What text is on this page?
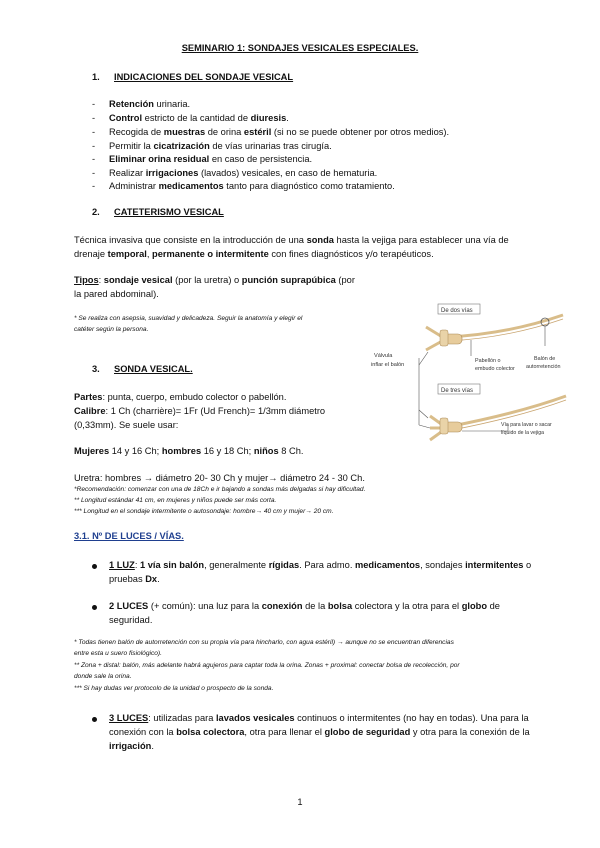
SEMINARIO 1: SONDAJES VESICALES ESPECIALES.
1. INDICACIONES DEL SONDAJE VESICAL
- Retención urinaria.
- Control estricto de la cantidad de diuresis.
- Recogida de muestras de orina estéril (si no se puede obtener por otros medios).
- Permitir la cicatrización de vías urinarias tras cirugía.
- Eliminar orina residual en caso de persistencia.
- Realizar irrigaciones (lavados) vesicales, en caso de hematuria.
- Administrar medicamentos tanto para diagnóstico como tratamiento.
2. CATETERISMO VESICAL
Técnica invasiva que consiste en la introducción de una sonda hasta la vejiga para establecer una vía de
drenaje temporal, permanente o intermitente con fines diagnósticos y/o terapéuticos.
Tipos: sondaje vesical (por la uretra) o punción suprapúbica (por
la pared abdominal).
* Se realiza con asepsia, suavidad y delicadeza. Seguir la anatomía y elegir el
catéter según la persona.
De dos vías
Válvula
inflar el balón
Pabellón o
embudo colector
Balón de
autorretención
De tres vías
Vía para lavar o sacar
líquido de la vejiga
3. SONDA VESICAL.
Partes: punta, cuerpo, embudo colector o pabellón.
Calibre: 1 Ch (charrière)= 1Fr (Ud French)= 1/3mm diámetro
(0,33mm). Se suele usar:
Mujeres 14 y 16 Ch; hombres 16 y 18 Ch; niños 8 Ch.
Uretra: hombres → diámetro 20- 30 Ch y mujer→ diámetro 24 - 30 Ch.
*Recomendación: comenzar con una de 18Ch e ir bajando a sondas más delgadas si hay dificultad.
** Longitud estándar 41 cm, en mujeres y niños puede ser más corta.
*** Longitud en el sondaje intermitente o autosondaje: hombre→ 40 cm y mujer→ 20 cm.
3.1. Nº DE LUCES / VÍAS.
1 LUZ: 1 vía sin balón, generalmente rígidas. Para admo. medicamentos, sondajes intermitentes o
pruebas Dx.
2 LUCES (+ común): una luz para la conexión de la bolsa colectora y la otra para el globo de
seguridad.
* Todas tienen balón de autorretención con su propia vía para hincharlo, con agua estéril) → aunque no se encuentran diferencias
entre esta u suero fisiológico).
** Zona + distal: balón, más adelante habrá agujeros para captar toda la orina. Zonas + proximal: conectar bolsa de recolección, por
donde sale la orina.
*** Si hay dudas ver protocolo de la unidad o prospecto de la sonda.
3 LUCES: utilizadas para lavados vesicales continuos o intermitentes (no hay en todas). Una para la
conexión con la bolsa colectora, otra para llenar el globo de seguridad y otra para la conexión de la
irrigación.
1
